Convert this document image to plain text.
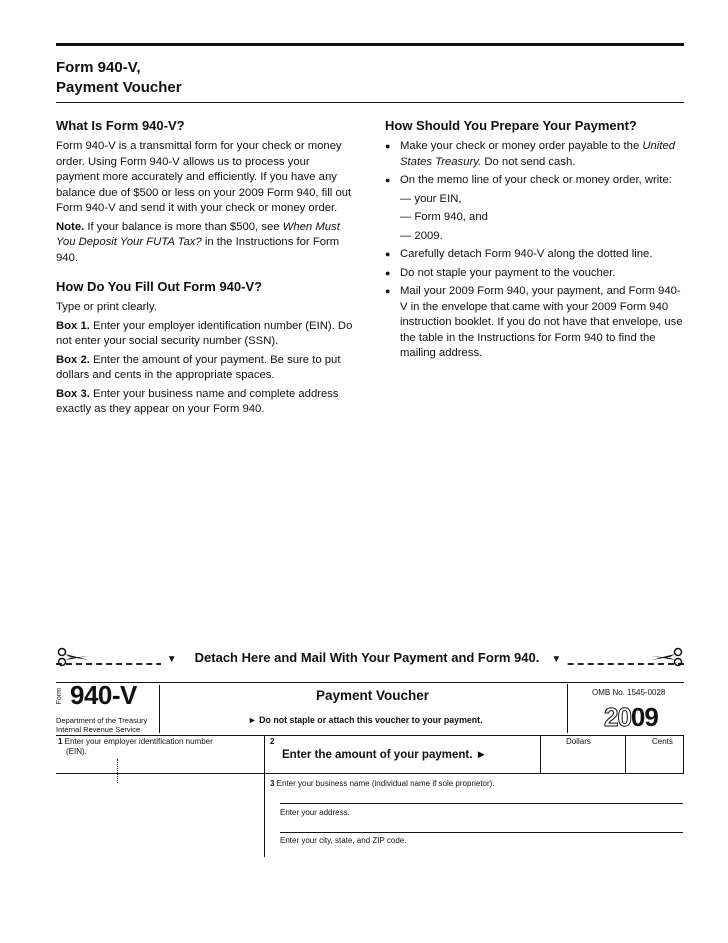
Form 940-V,
Payment Voucher
What Is Form 940-V?
Form 940-V is a transmittal form for your check or money order. Using Form 940-V allows us to process your payment more accurately and efficiently. If you have any balance due of $500 or less on your 2009 Form 940, fill out Form 940-V and send it with your check or money order.
Note. If your balance is more than $500, see When Must You Deposit Your FUTA Tax? in the Instructions for Form 940.
How Do You Fill Out Form 940-V?
Type or print clearly.
Box 1. Enter your employer identification number (EIN). Do not enter your social security number (SSN).
Box 2. Enter the amount of your payment. Be sure to put dollars and cents in the appropriate spaces.
Box 3. Enter your business name and complete address exactly as they appear on your Form 940.
How Should You Prepare Your Payment?
● Make your check or money order payable to the United States Treasury. Do not send cash.
● On the memo line of your check or money order, write:
— your EIN,
— Form 940, and
— 2009.
● Carefully detach Form 940-V along the dotted line.
● Do not staple your payment to the voucher.
● Mail your 2009 Form 940, your payment, and Form 940-V in the envelope that came with your 2009 Form 940 instruction booklet. If you do not have that envelope, use the table in the Instructions for Form 940 to find the mailing address.
▼ Detach Here and Mail With Your Payment and Form 940. ▼
Form 940-V
Department of the Treasury
Internal Revenue Service
Payment Voucher
► Do not staple or attach this voucher to your payment.
OMB No. 1545-0028
2009
1 Enter your employer identification number
(EIN).
2
Enter the amount of your payment. ►
Dollars	Cents
3 Enter your business name (individual name if sole proprietor).
Enter your address.
Enter your city, state, and ZIP code.
